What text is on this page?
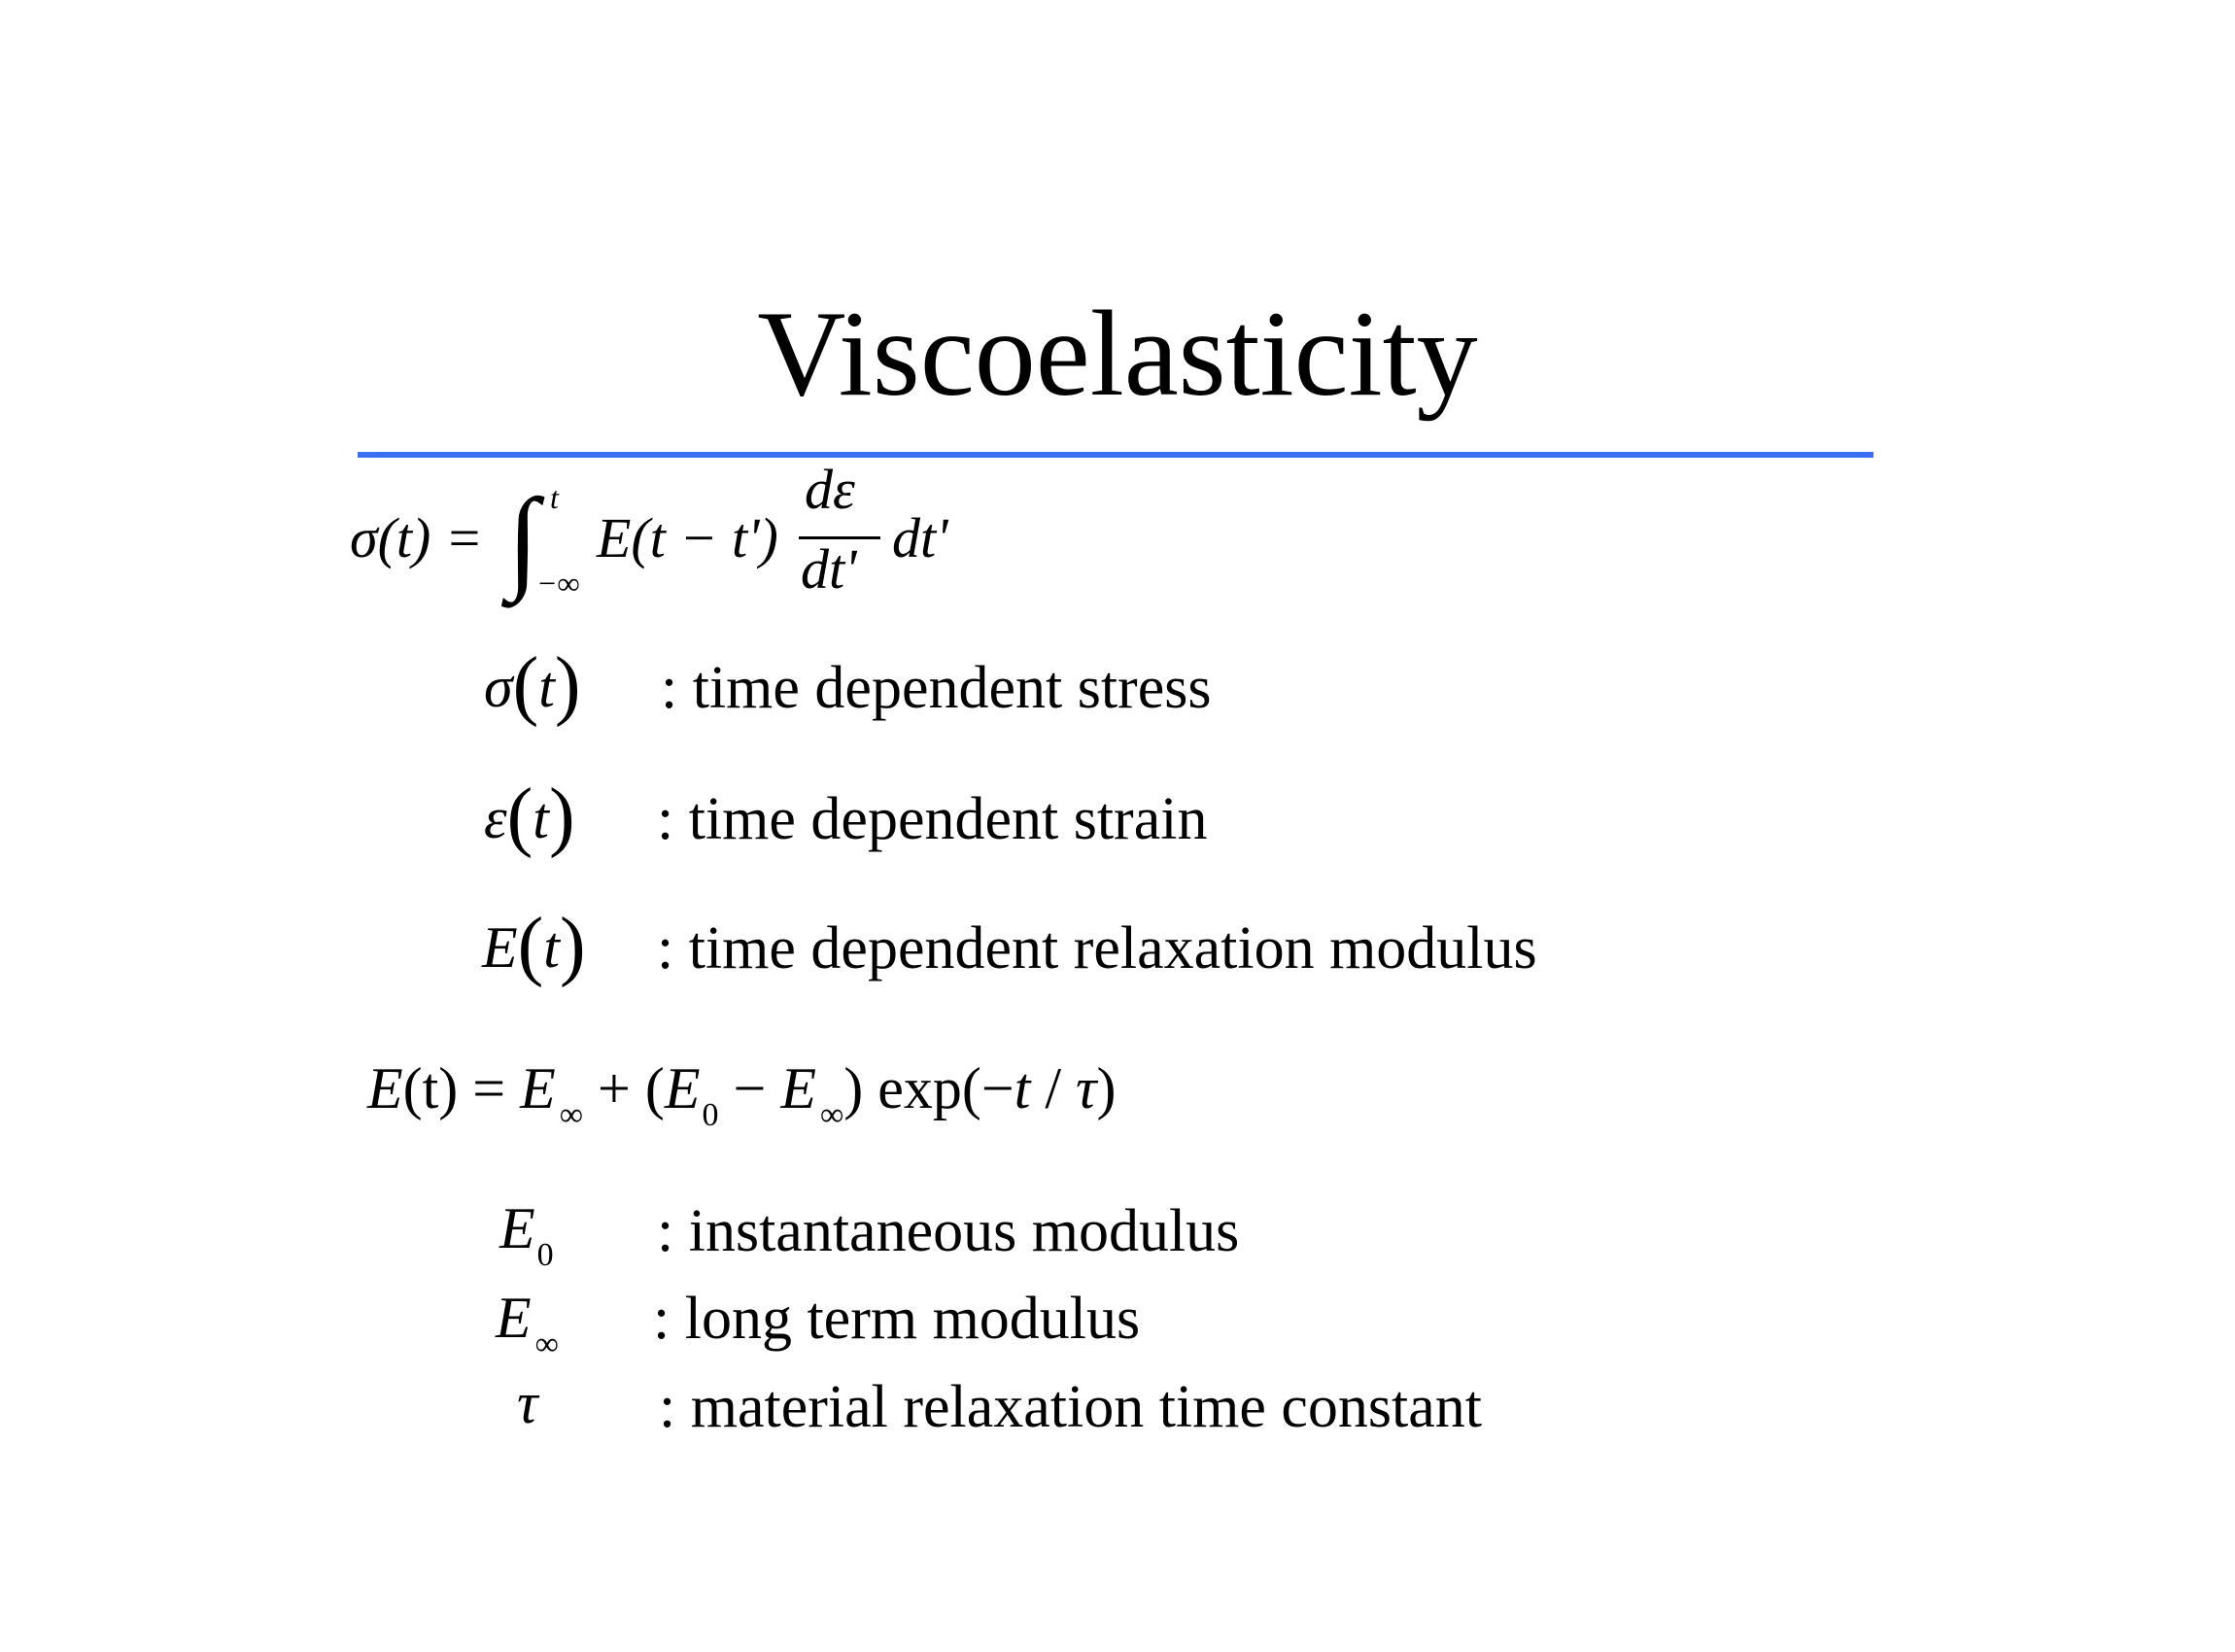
Viscoelasticity
σ(t) = ∫ t
−∞
E(t − t')
dε
dt' dt'
σ(t) : time dependent stress
ε(t) : time dependent strain
E(t) : time dependent relaxation modulus
E(t) = E $_\infty + (E_0 - E$ $_\infty$) exp(−t / τ)
$E_0$ : instantaneous modulus
E $_\infty$ : long term modulus
τ : material relaxation time constant
